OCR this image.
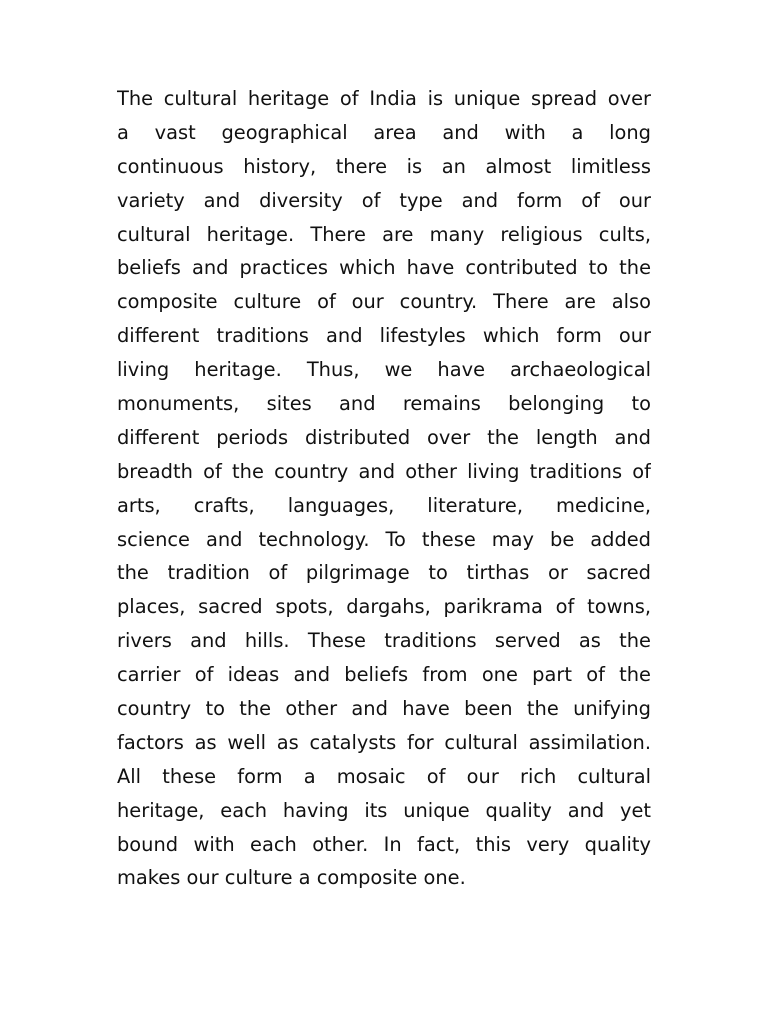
The cultural heritage of India is unique spread over
a vast geographical area and with a long
continuous history, there is an almost limitless
variety and diversity of type and form of our
cultural heritage. There are many religious cults,
beliefs and practices which have contributed to the
composite culture of our country. There are also
different traditions and lifestyles which form our
living heritage. Thus, we have archaeological
monuments, sites and remains belonging to
different periods distributed over the length and
breadth of the country and other living traditions of
arts, crafts, languages, literature, medicine,
science and technology. To these may be added
the tradition of pilgrimage to tirthas or sacred
places, sacred spots, dargahs, parikrama of towns,
rivers and hills. These traditions served as the
carrier of ideas and beliefs from one part of the
country to the other and have been the unifying
factors as well as catalysts for cultural assimilation.
All these form a mosaic of our rich cultural
heritage, each having its unique quality and yet
bound with each other. In fact, this very quality
makes our culture a composite one.
